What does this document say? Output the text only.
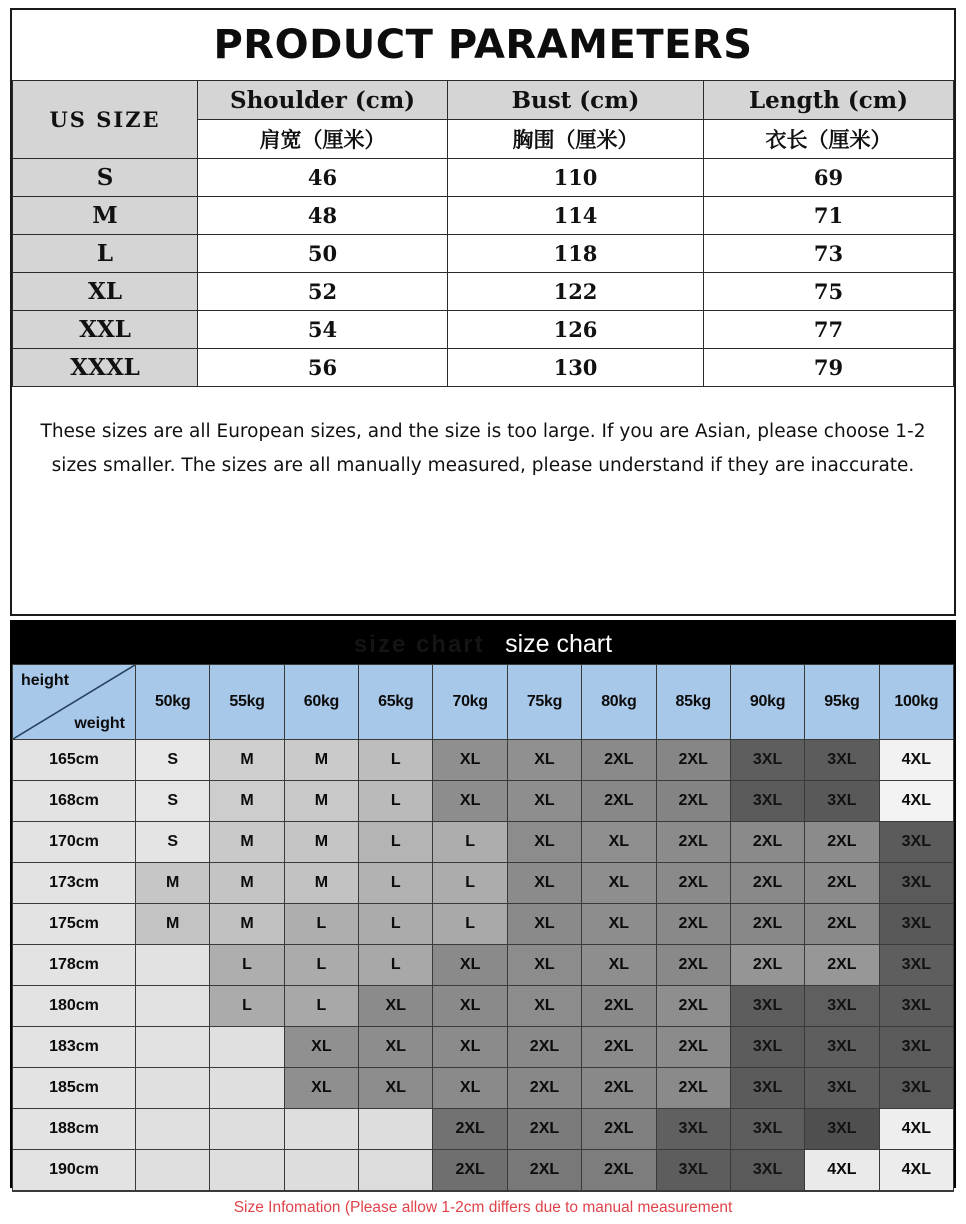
PRODUCT PARAMETERS
US SIZE	Shoulder (cm)	Bust (cm)	Length (cm)
	肩宽（厘米）	胸围（厘米）	衣长（厘米）
S	46	110	69
M	48	114	71
L	50	118	73
XL	52	122	75
XXL	54	126	77
XXXL	56	130	79
These sizes are all European sizes, and the size is too large. If you are Asian, please choose 1-2 sizes smaller. The sizes are all manually measured, please understand if they are inaccurate.
size chart size chart
height
weight	50kg	55kg	60kg	65kg	70kg	75kg	80kg	85kg	90kg	95kg	100kg
165cm	S	M	M	L	XL	XL	2XL	2XL	3XL	3XL	4XL
168cm	S	M	M	L	XL	XL	2XL	2XL	3XL	3XL	4XL
170cm	S	M	M	L	L	XL	XL	2XL	2XL	2XL	3XL
173cm	M	M	M	L	L	XL	XL	2XL	2XL	2XL	3XL
175cm	M	M	L	L	L	XL	XL	2XL	2XL	2XL	3XL
178cm		L	L	L	XL	XL	XL	2XL	2XL	2XL	3XL
180cm		L	L	XL	XL	XL	2XL	2XL	3XL	3XL	3XL
183cm			XL	XL	XL	2XL	2XL	2XL	3XL	3XL	3XL
185cm			XL	XL	XL	2XL	2XL	2XL	3XL	3XL	3XL
188cm					2XL	2XL	2XL	3XL	3XL	3XL	4XL
190cm					2XL	2XL	2XL	3XL	3XL	4XL	4XL
Size Infomation (Please allow 1-2cm differs due to manual measurement
